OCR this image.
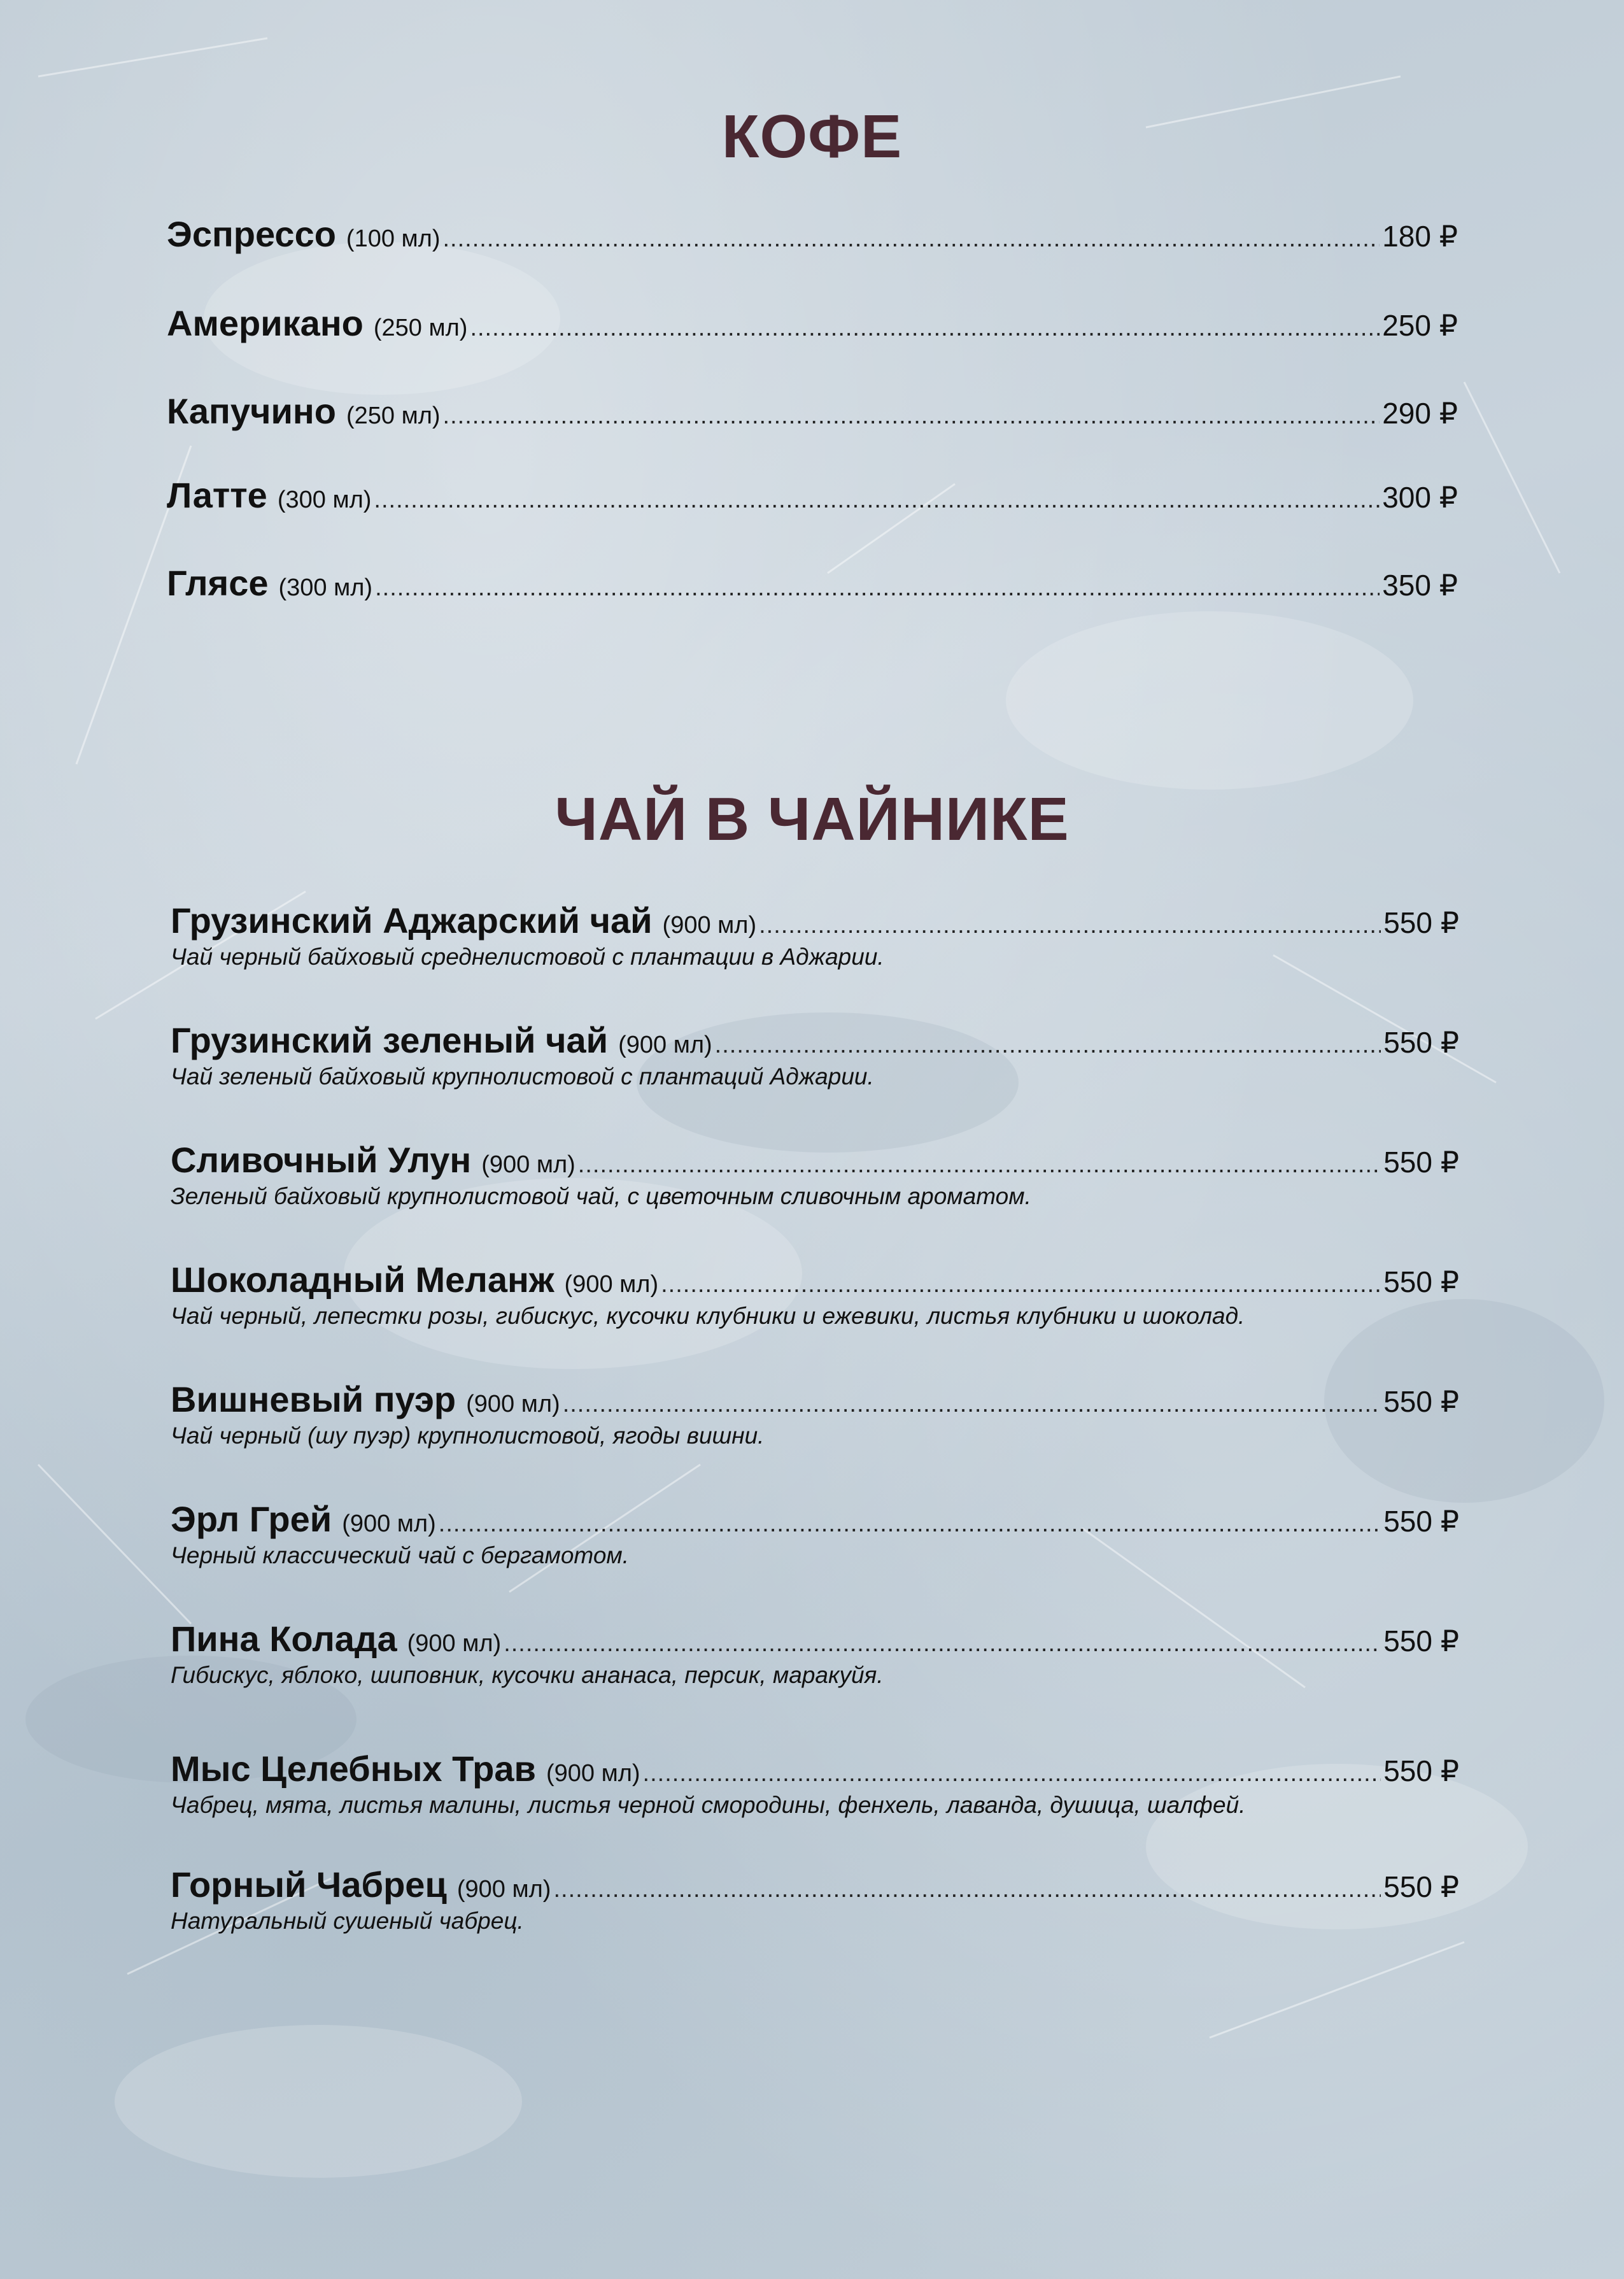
КОФЕ
Эспрессо (100 мл) .....	180 ₽
Американо (250 мл) .....	250 ₽
Капучино (250 мл) .....	290 ₽
Латте (300 мл) .....	300 ₽
Глясе (300 мл) .....	350 ₽
ЧАЙ В ЧАЙНИКЕ
Грузинский Аджарский чай (900 мл) .....	550 ₽
Чай черный байховый среднелистовой с плантации в Аджарии.
Грузинский зеленый чай (900 мл) .....	550 ₽
Чай зеленый байховый крупнолистовой с плантаций Аджарии.
Сливочный Улун (900 мл) .....	550 ₽
Зеленый байховый крупнолистовой чай, с цветочным сливочным ароматом.
Шоколадный Меланж (900 мл) .....	550 ₽
Чай черный, лепестки розы, гибискус, кусочки клубники и ежевики, листья клубники и шоколад.
Вишневый пуэр (900 мл) .....	550 ₽
Чай черный (шу пуэр) крупнолистовой, ягоды вишни.
Эрл Грей (900 мл) .....	550 ₽
Черный классический чай с бергамотом.
Пина Колада (900 мл) .....	550 ₽
Гибискус, яблоко, шиповник, кусочки ананаса, персик, маракуйя.
Мыс Целебных Трав (900 мл) .....	550 ₽
Чабрец, мята, листья малины, листья черной смородины, фенхель, лаванда, душица, шалфей.
Горный Чабрец (900 мл) .....	550 ₽
Натуральный сушеный чабрец.
